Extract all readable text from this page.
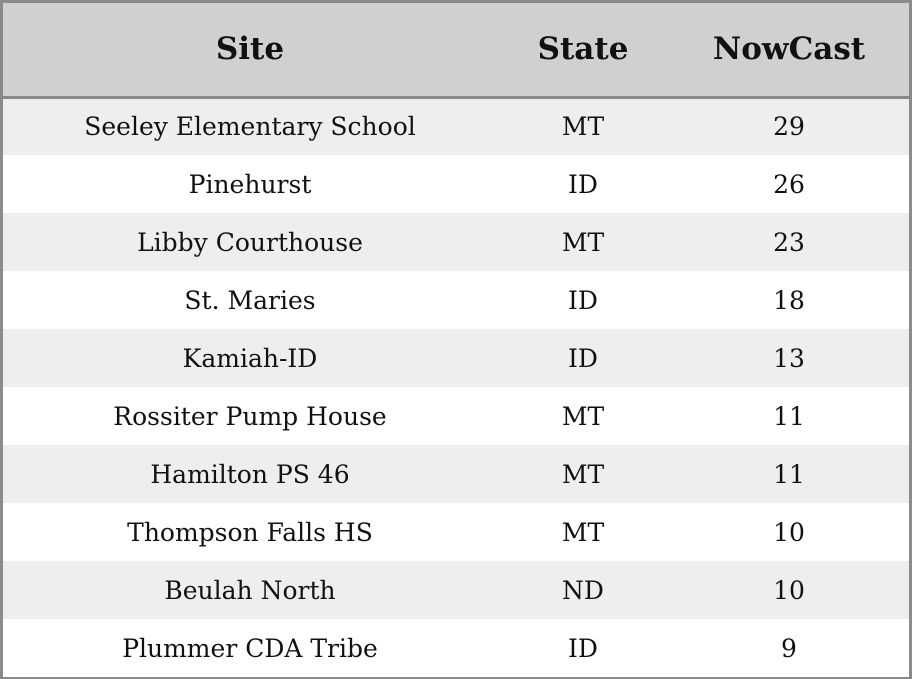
Site	State	NowCast
Seeley Elementary School	MT	29
Pinehurst	ID	26
Libby Courthouse	MT	23
St. Maries	ID	18
Kamiah-ID	ID	13
Rossiter Pump House	MT	11
Hamilton PS 46	MT	11
Thompson Falls HS	MT	10
Beulah North	ND	10
Plummer CDA Tribe	ID	9
